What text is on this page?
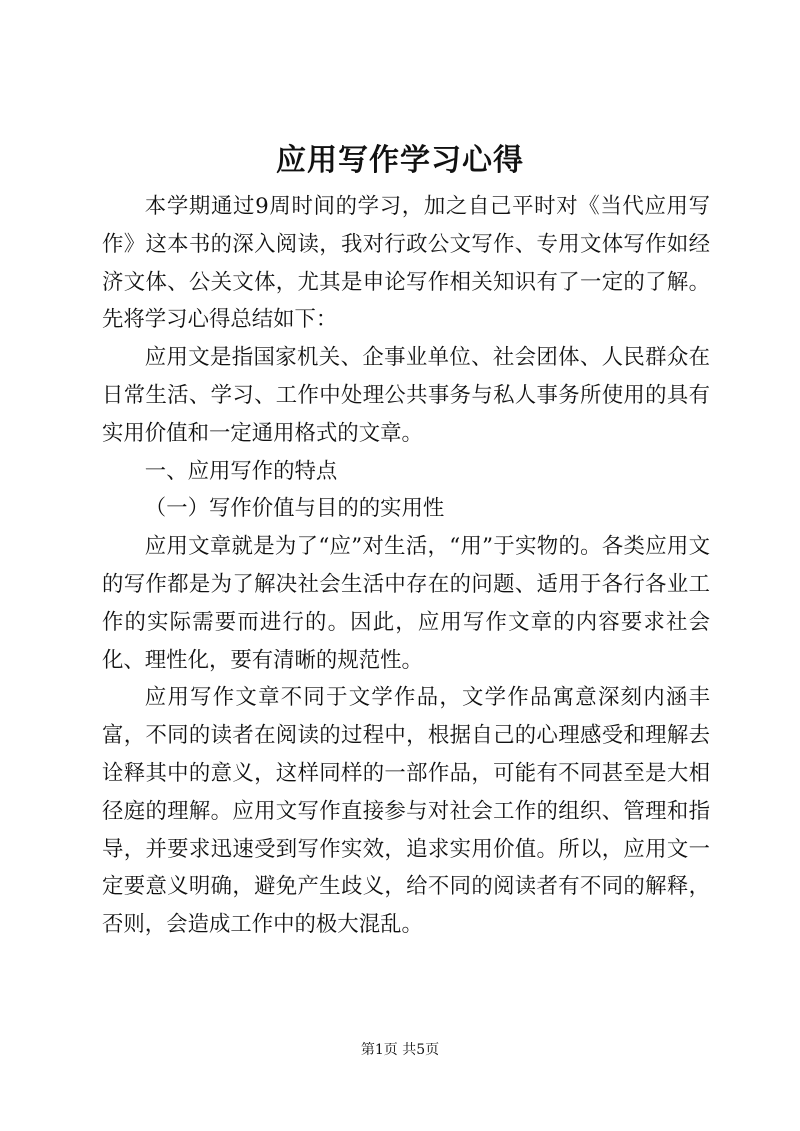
应用写作学习心得

本学期通过9周时间的学习，加之自己平时对《当代应用写作》这本书的深入阅读，我对行政公文写作、专用文体写作如经济文体、公关文体，尤其是申论写作相关知识有了一定的了解。先将学习心得总结如下：

应用文是指国家机关、企事业单位、社会团体、人民群众在日常生活、学习、工作中处理公共事务与私人事务所使用的具有实用价值和一定通用格式的文章。

一、应用写作的特点

（一）写作价值与目的的实用性

应用文章就是为了“应”对生活，“用”于实物的。各类应用文的写作都是为了解决社会生活中存在的问题、适用于各行各业工作的实际需要而进行的。因此，应用写作文章的内容要求社会化、理性化，要有清晰的规范性。

应用写作文章不同于文学作品，文学作品寓意深刻内涵丰富，不同的读者在阅读的过程中，根据自己的心理感受和理解去诠释其中的意义，这样同样的一部作品，可能有不同甚至是大相径庭的理解。应用文写作直接参与对社会工作的组织、管理和指导，并要求迅速受到写作实效，追求实用价值。所以，应用文一定要意义明确，避免产生歧义，给不同的阅读者有不同的解释，否则，会造成工作中的极大混乱。

第1页 共5页
